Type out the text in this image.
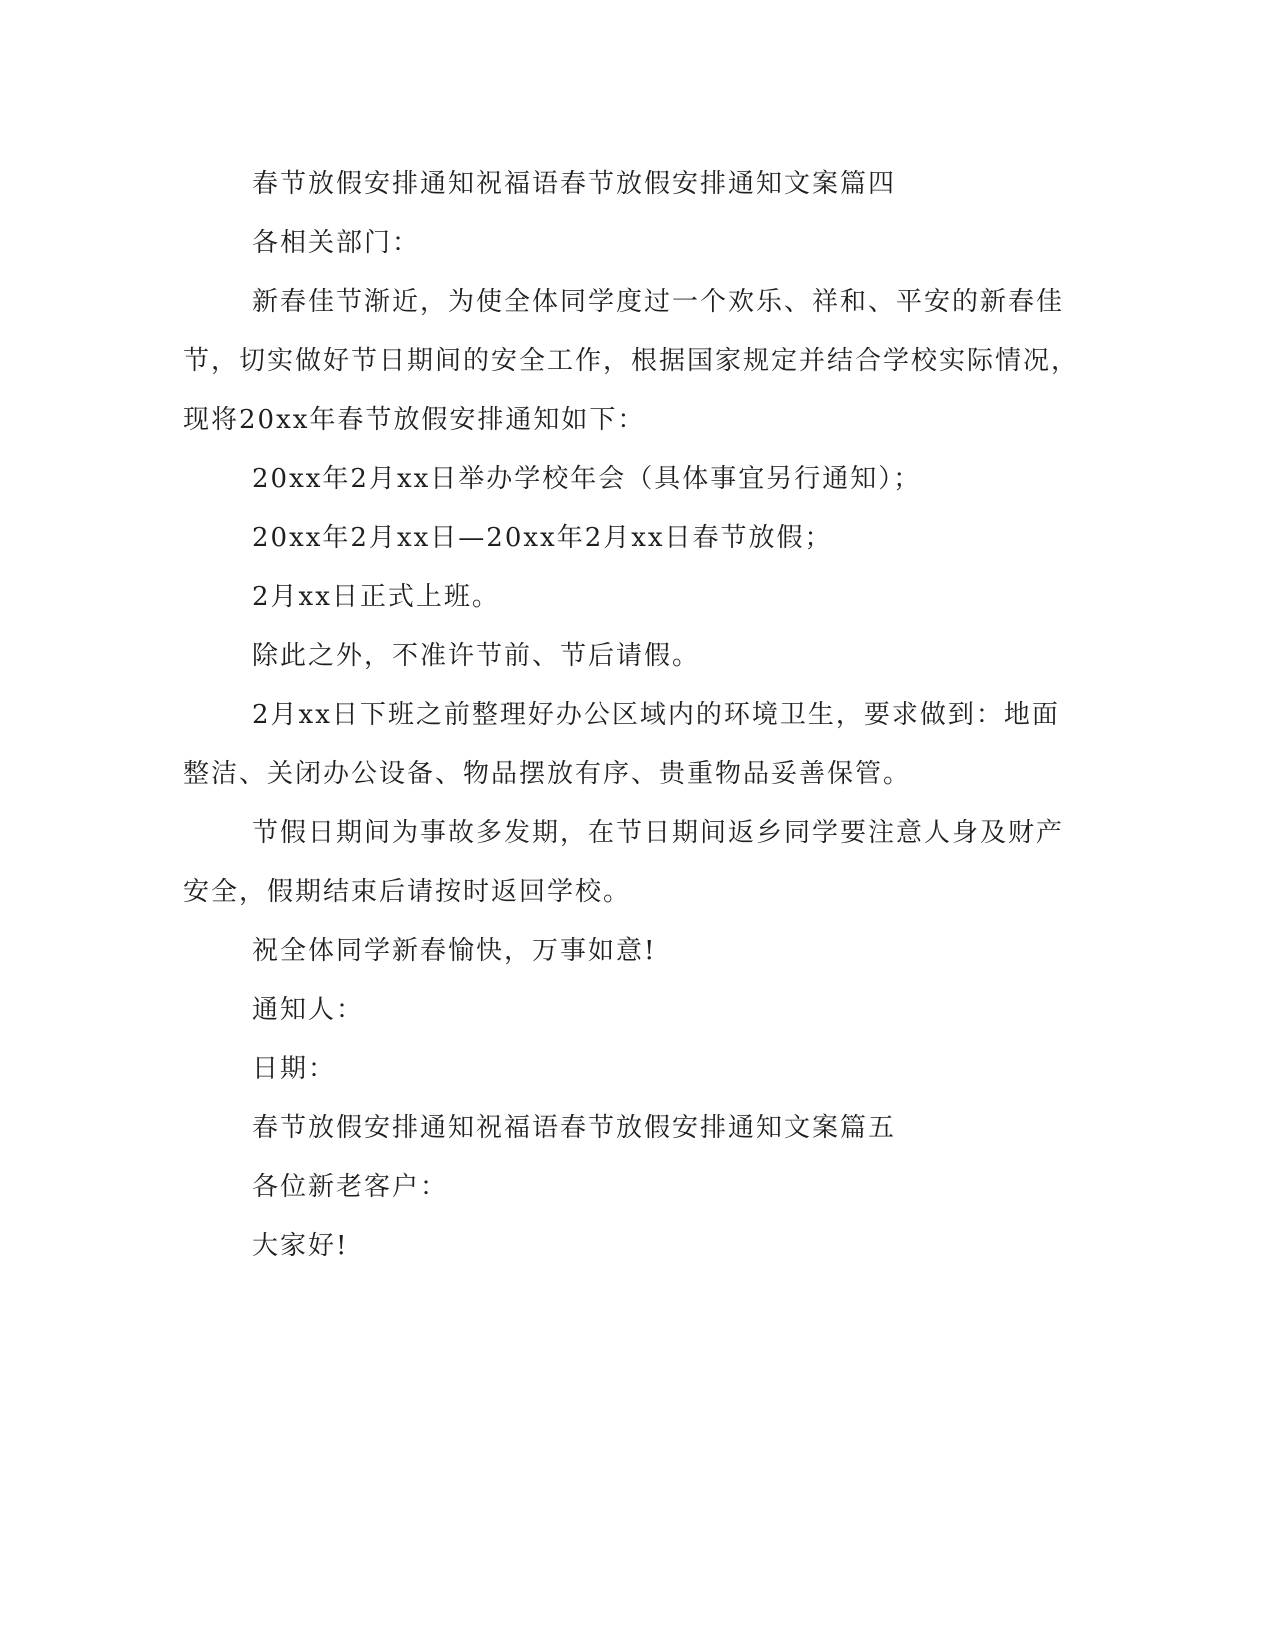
春节放假安排通知祝福语春节放假安排通知文案篇四

各相关部门：

新春佳节渐近，为使全体同学度过一个欢乐、祥和、平安的新春佳节，切实做好节日期间的安全工作，根据国家规定并结合学校实际情况，现将20xx年春节放假安排通知如下：

20xx年2月xx日举办学校年会（具体事宜另行通知）；

20xx年2月xx日—20xx年2月xx日春节放假；

2月xx日正式上班。

除此之外，不准许节前、节后请假。

2月xx日下班之前整理好办公区域内的环境卫生，要求做到：地面整洁、关闭办公设备、物品摆放有序、贵重物品妥善保管。

节假日期间为事故多发期，在节日期间返乡同学要注意人身及财产安全，假期结束后请按时返回学校。

祝全体同学新春愉快，万事如意!

通知人：

日期：

春节放假安排通知祝福语春节放假安排通知文案篇五

各位新老客户：

大家好!
